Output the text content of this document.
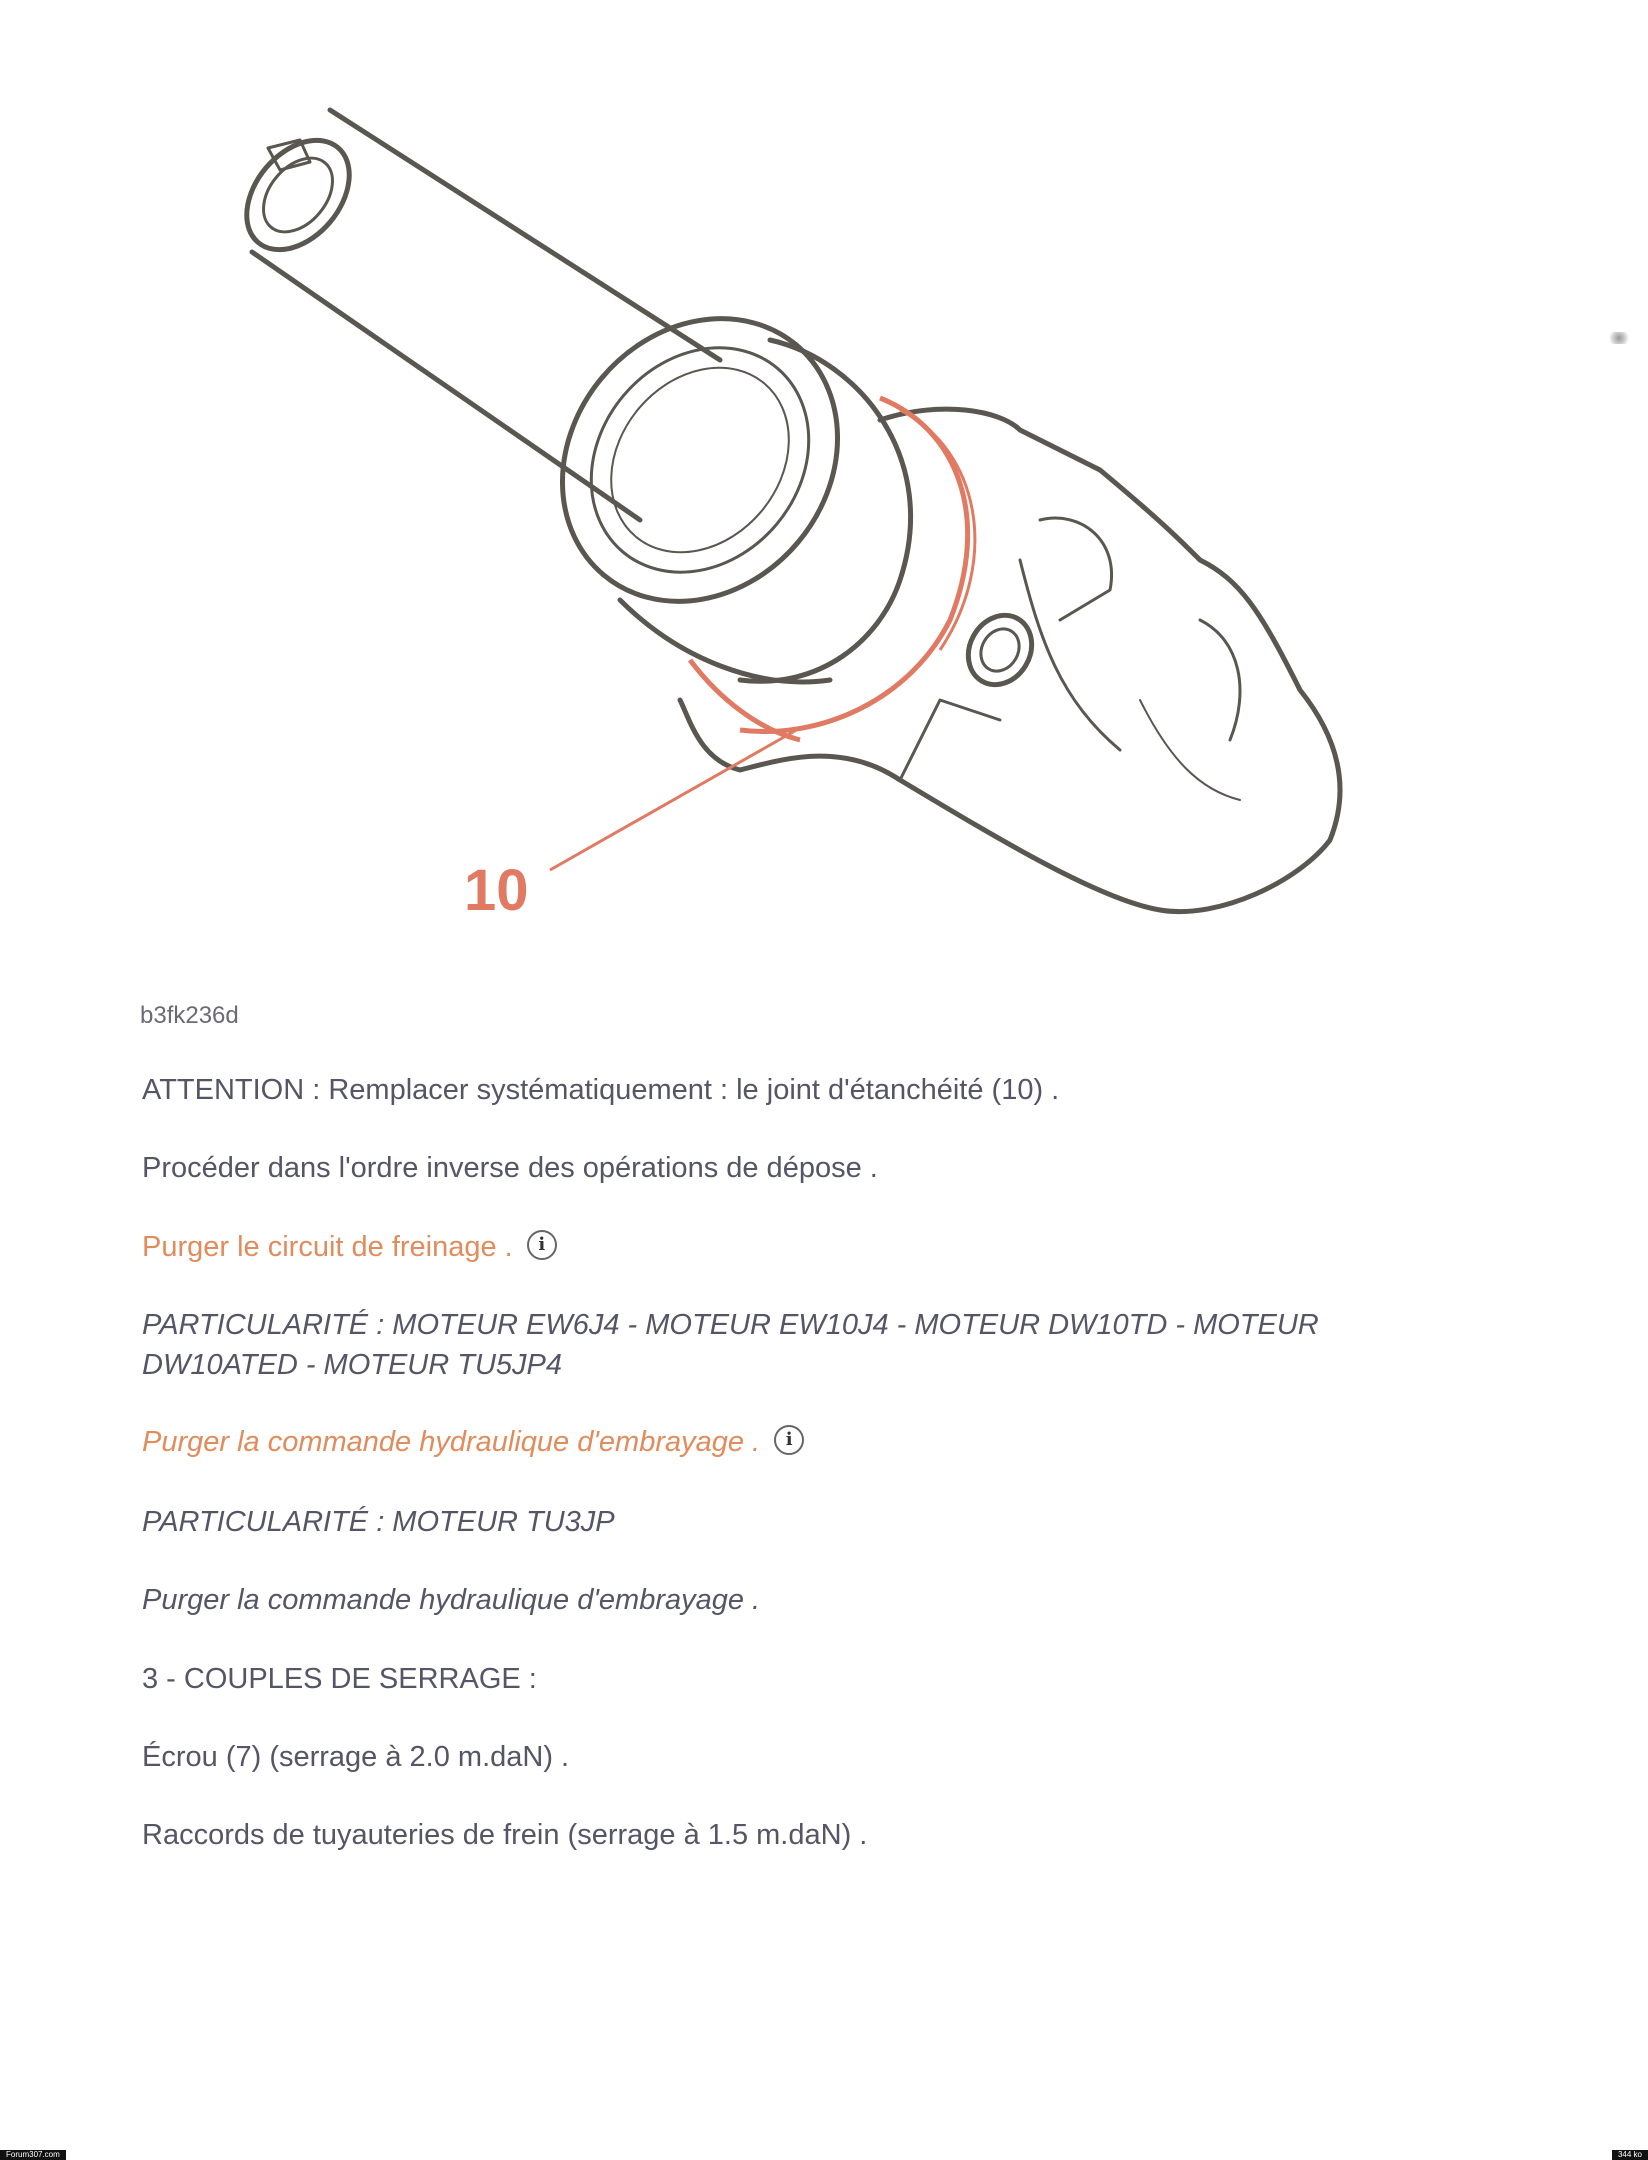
10
b3fk236d
ATTENTION : Remplacer systématiquement : le joint d'étanchéité (10) .
Procéder dans l'ordre inverse des opérations de dépose .
Purger le circuit de freinage . i
PARTICULARITÉ : MOTEUR EW6J4 - MOTEUR EW10J4 - MOTEUR DW10TD - MOTEUR
DW10ATED - MOTEUR TU5JP4
Purger la commande hydraulique d'embrayage . i
PARTICULARITÉ : MOTEUR TU3JP
Purger la commande hydraulique d'embrayage .
3 - COUPLES DE SERRAGE :
Écrou (7) (serrage à 2.0 m.daN) .
Raccords de tuyauteries de frein (serrage à 1.5 m.daN) .
Forum307.com	344 ko
